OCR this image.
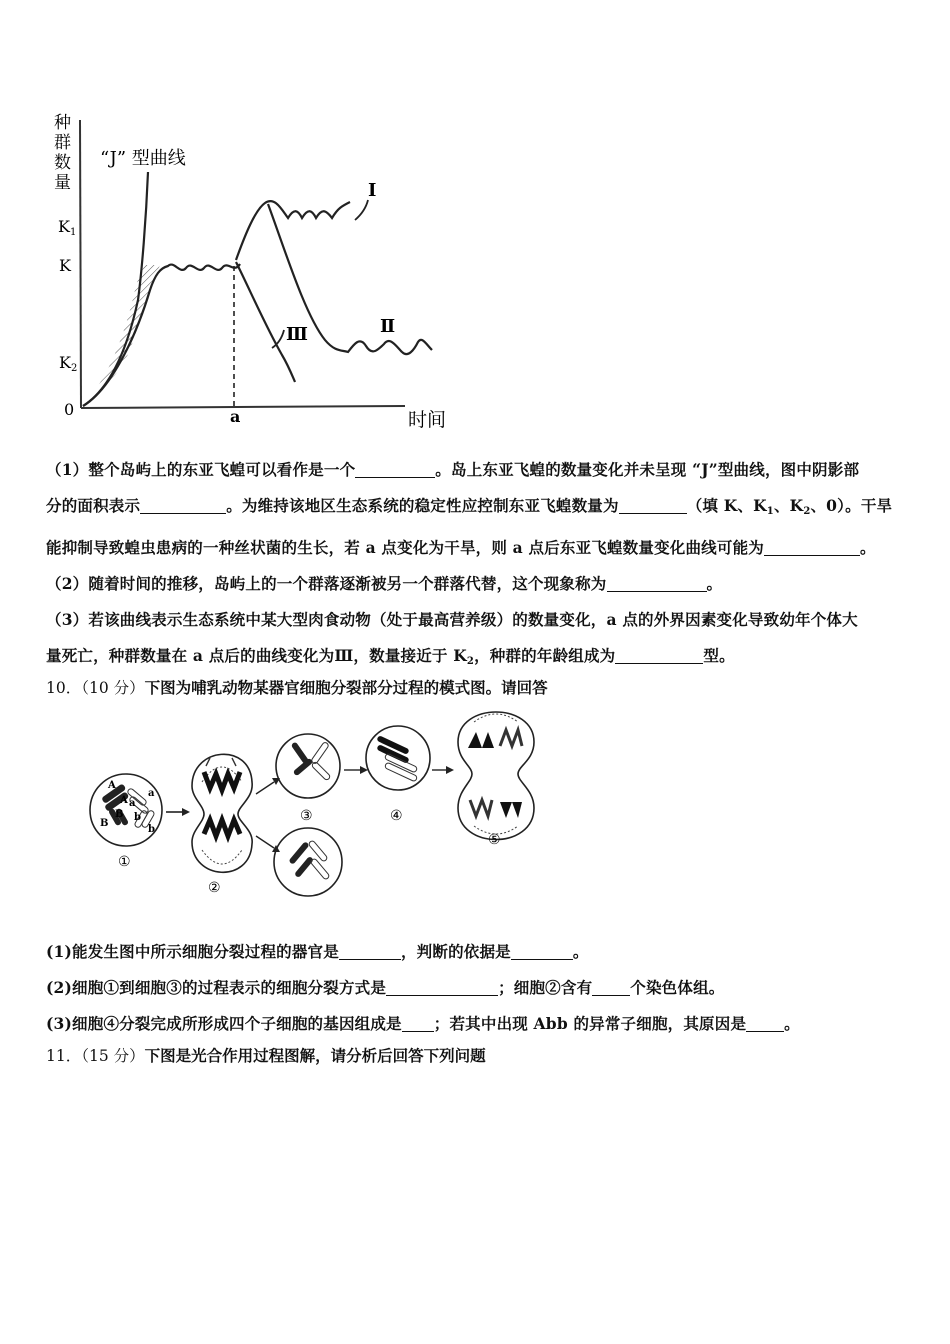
种
群
数
量
K1
K
K2
0	a	时间
“J” 型曲线
Ⅰ
Ⅱ
Ⅲ
（1）整个岛屿上的东亚飞蝗可以看作是一个	。岛上东亚飞蝗的数量变化并未呈现 “J”型曲线，图中阴影部
分的面积表示	。为维持该地区生态系统的稳定性应控制东亚飞蝗数量为	（填 K、$K_1$、$K_2$、0）。干旱
能抑制导致蝗虫患病的一种丝状菌的生长，若 a 点变化为干旱，则 a 点后东亚飞蝗数量变化曲线可能为	。
（2）随着时间的推移，岛屿上的一个群落逐渐被另一个群落代替，这个现象称为	。
（3）若该曲线表示生态系统中某大型肉食动物（处于最高营养级）的数量变化，a 点的外界因素变化导致幼年个体大
量死亡，种群数量在 a 点后的曲线变化为Ⅲ，数量接近于 $K_2$，种群的年龄组成为	型。
10．（10 分）下图为哺乳动物某器官细胞分裂部分过程的模式图。请回答
A
A a
a
B
B b
b
①
②
③	④
⑤
(1)能发生图中所示细胞分裂过程的器官是	，判断的依据是	。
(2)细胞①到细胞③的过程表示的细胞分裂方式是	；细胞②含有 个染色体组。
(3)细胞④分裂完成所形成四个子细胞的基因组成是 ；若其中出现 Abb 的异常子细胞，其原因是 。
11．（15 分）下图是光合作用过程图解，请分析后回答下列问题
